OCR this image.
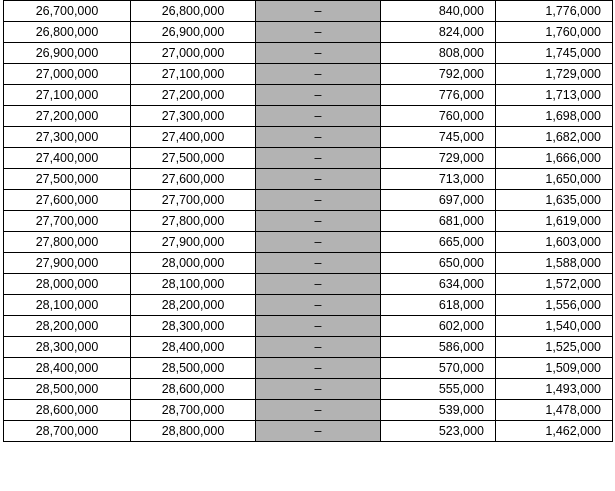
26,700,000	26,800,000	–	840,000	1,776,000
26,800,000	26,900,000	–	824,000	1,760,000
26,900,000	27,000,000	–	808,000	1,745,000
27,000,000	27,100,000	–	792,000	1,729,000
27,100,000	27,200,000	–	776,000	1,713,000
27,200,000	27,300,000	–	760,000	1,698,000
27,300,000	27,400,000	–	745,000	1,682,000
27,400,000	27,500,000	–	729,000	1,666,000
27,500,000	27,600,000	–	713,000	1,650,000
27,600,000	27,700,000	–	697,000	1,635,000
27,700,000	27,800,000	–	681,000	1,619,000
27,800,000	27,900,000	–	665,000	1,603,000
27,900,000	28,000,000	–	650,000	1,588,000
28,000,000	28,100,000	–	634,000	1,572,000
28,100,000	28,200,000	–	618,000	1,556,000
28,200,000	28,300,000	–	602,000	1,540,000
28,300,000	28,400,000	–	586,000	1,525,000
28,400,000	28,500,000	–	570,000	1,509,000
28,500,000	28,600,000	–	555,000	1,493,000
28,600,000	28,700,000	–	539,000	1,478,000
28,700,000	28,800,000	–	523,000	1,462,000
